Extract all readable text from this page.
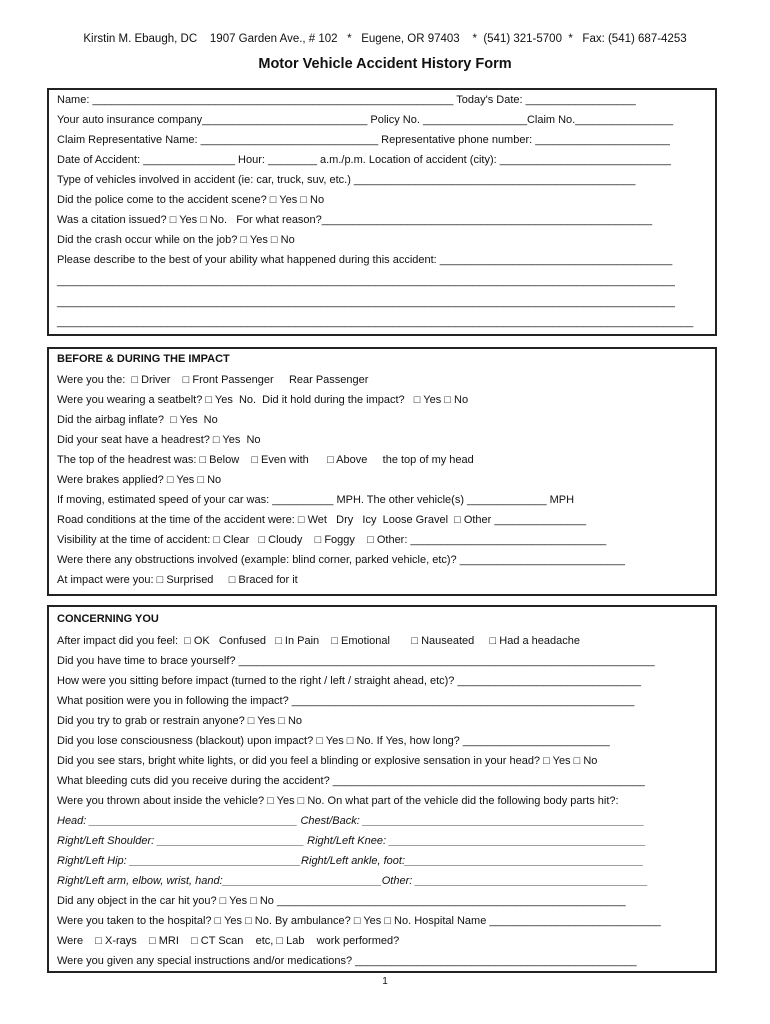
Kirstin M. Ebaugh, DC    1907 Garden Ave., # 102   *   Eugene, OR 97403    *  (541) 321-5700  *   Fax: (541) 687-4253
Motor Vehicle Accident History Form
Name: ___________________________________________________________ Today's Date: __________________
Your auto insurance company___________________________ Policy No. _________________Claim No.________________
Claim Representative Name: _____________________________ Representative phone number: ______________________
Date of Accident: _______________ Hour: ________ a.m./p.m. Location of accident (city): ____________________________
Type of vehicles involved in accident (ie: car, truck, suv, etc.) ______________________________________________
Did the police come to the accident scene? □ Yes □ No
Was a citation issued? □ Yes □ No.   For what reason?______________________________________________________
Did the crash occur while on the job? □ Yes □ No
Please describe to the best of your ability what happened during this accident: ______________________________________
_____________________________________________________________________________________________________
_____________________________________________________________________________________________________
________________________________________________________________________________________________________
BEFORE & DURING THE IMPACT
Were you the:  □ Driver    □ Front Passenger     Rear Passenger
Were you wearing a seatbelt? □ Yes  No.  Did it hold during the impact?   □ Yes □ No
Did the airbag inflate?  □ Yes  No
Did your seat have a headrest? □ Yes  No
The top of the headrest was: □ Below    □ Even with      □ Above     the top of my head
Were brakes applied? □ Yes □ No
If moving, estimated speed of your car was: __________ MPH. The other vehicle(s) _____________ MPH
Road conditions at the time of the accident were: □ Wet   Dry   Icy  Loose Gravel  □ Other _______________
Visibility at the time of accident: □ Clear   □ Cloudy    □ Foggy    □ Other: ________________________________
Were there any obstructions involved (example: blind corner, parked vehicle, etc)? ___________________________
At impact were you: □ Surprised     □ Braced for it
CONCERNING YOU
After impact did you feel:  □ OK   Confused   □ In Pain    □ Emotional       □ Nauseated     □ Had a headache
Did you have time to brace yourself? ____________________________________________________________________
How were you sitting before impact (turned to the right / left / straight ahead, etc)? ______________________________
What position were you in following the impact? ________________________________________________________
Did you try to grab or restrain anyone? □ Yes □ No
Did you lose consciousness (blackout) upon impact? □ Yes □ No. If Yes, how long? ________________________
Did you see stars, bright white lights, or did you feel a blinding or explosive sensation in your head? □ Yes □ No
What bleeding cuts did you receive during the accident? ___________________________________________________
Were you thrown about inside the vehicle? □ Yes □ No. On what part of the vehicle did the following body parts hit?:
Head: __________________________________ Chest/Back: ______________________________________________
Right/Left Shoulder: ________________________ Right/Left Knee: __________________________________________
Right/Left Hip: ____________________________Right/Left ankle, foot:_______________________________________
Right/Left arm, elbow, wrist, hand:__________________________Other: ______________________________________
Did any object in the car hit you? □ Yes □ No _________________________________________________________
Were you taken to the hospital? □ Yes □ No. By ambulance? □ Yes □ No. Hospital Name ____________________________
Were    □ X-rays    □ MRI    □ CT Scan    etc, □ Lab    work performed?
Were you given any special instructions and/or medications? ______________________________________________
1
